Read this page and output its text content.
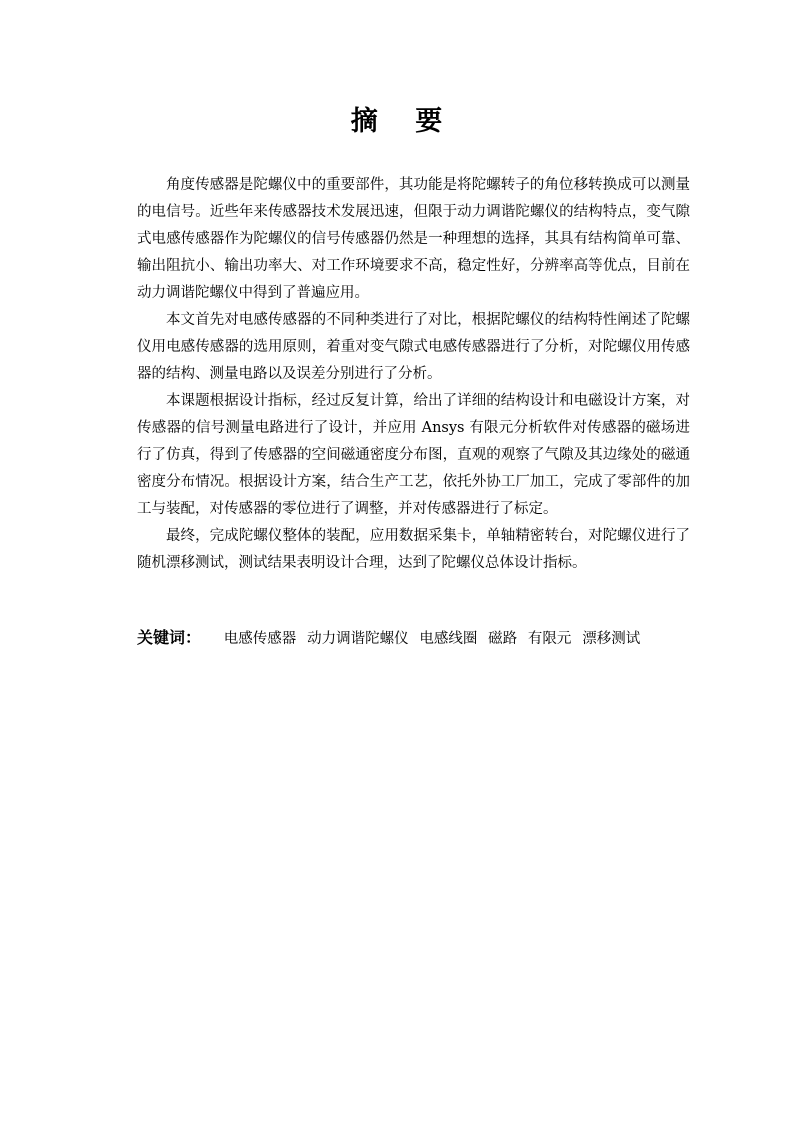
摘 要

角度传感器是陀螺仪中的重要部件，其功能是将陀螺转子的角位移转换成可以测量的电信号。近些年来传感器技术发展迅速，但限于动力调谐陀螺仪的结构特点，变气隙式电感传感器作为陀螺仪的信号传感器仍然是一种理想的选择，其具有结构简单可靠、输出阻抗小、输出功率大、对工作环境要求不高，稳定性好，分辨率高等优点，目前在动力调谐陀螺仪中得到了普遍应用。

本文首先对电感传感器的不同种类进行了对比，根据陀螺仪的结构特性阐述了陀螺仪用电感传感器的选用原则，着重对变气隙式电感传感器进行了分析，对陀螺仪用传感器的结构、测量电路以及误差分别进行了分析。

本课题根据设计指标，经过反复计算，给出了详细的结构设计和电磁设计方案，对传感器的信号测量电路进行了设计，并应用 Ansys 有限元分析软件对传感器的磁场进行了仿真，得到了传感器的空间磁通密度分布图，直观的观察了气隙及其边缘处的磁通密度分布情况。根据设计方案，结合生产工艺，依托外协工厂加工，完成了零部件的加工与装配，对传感器的零位进行了调整，并对传感器进行了标定。

最终，完成陀螺仪整体的装配，应用数据采集卡，单轴精密转台，对陀螺仪进行了随机漂移测试，测试结果表明设计合理，达到了陀螺仪总体设计指标。

关键词： 电感传感器 动力调谐陀螺仪 电感线圈 磁路 有限元 漂移测试
